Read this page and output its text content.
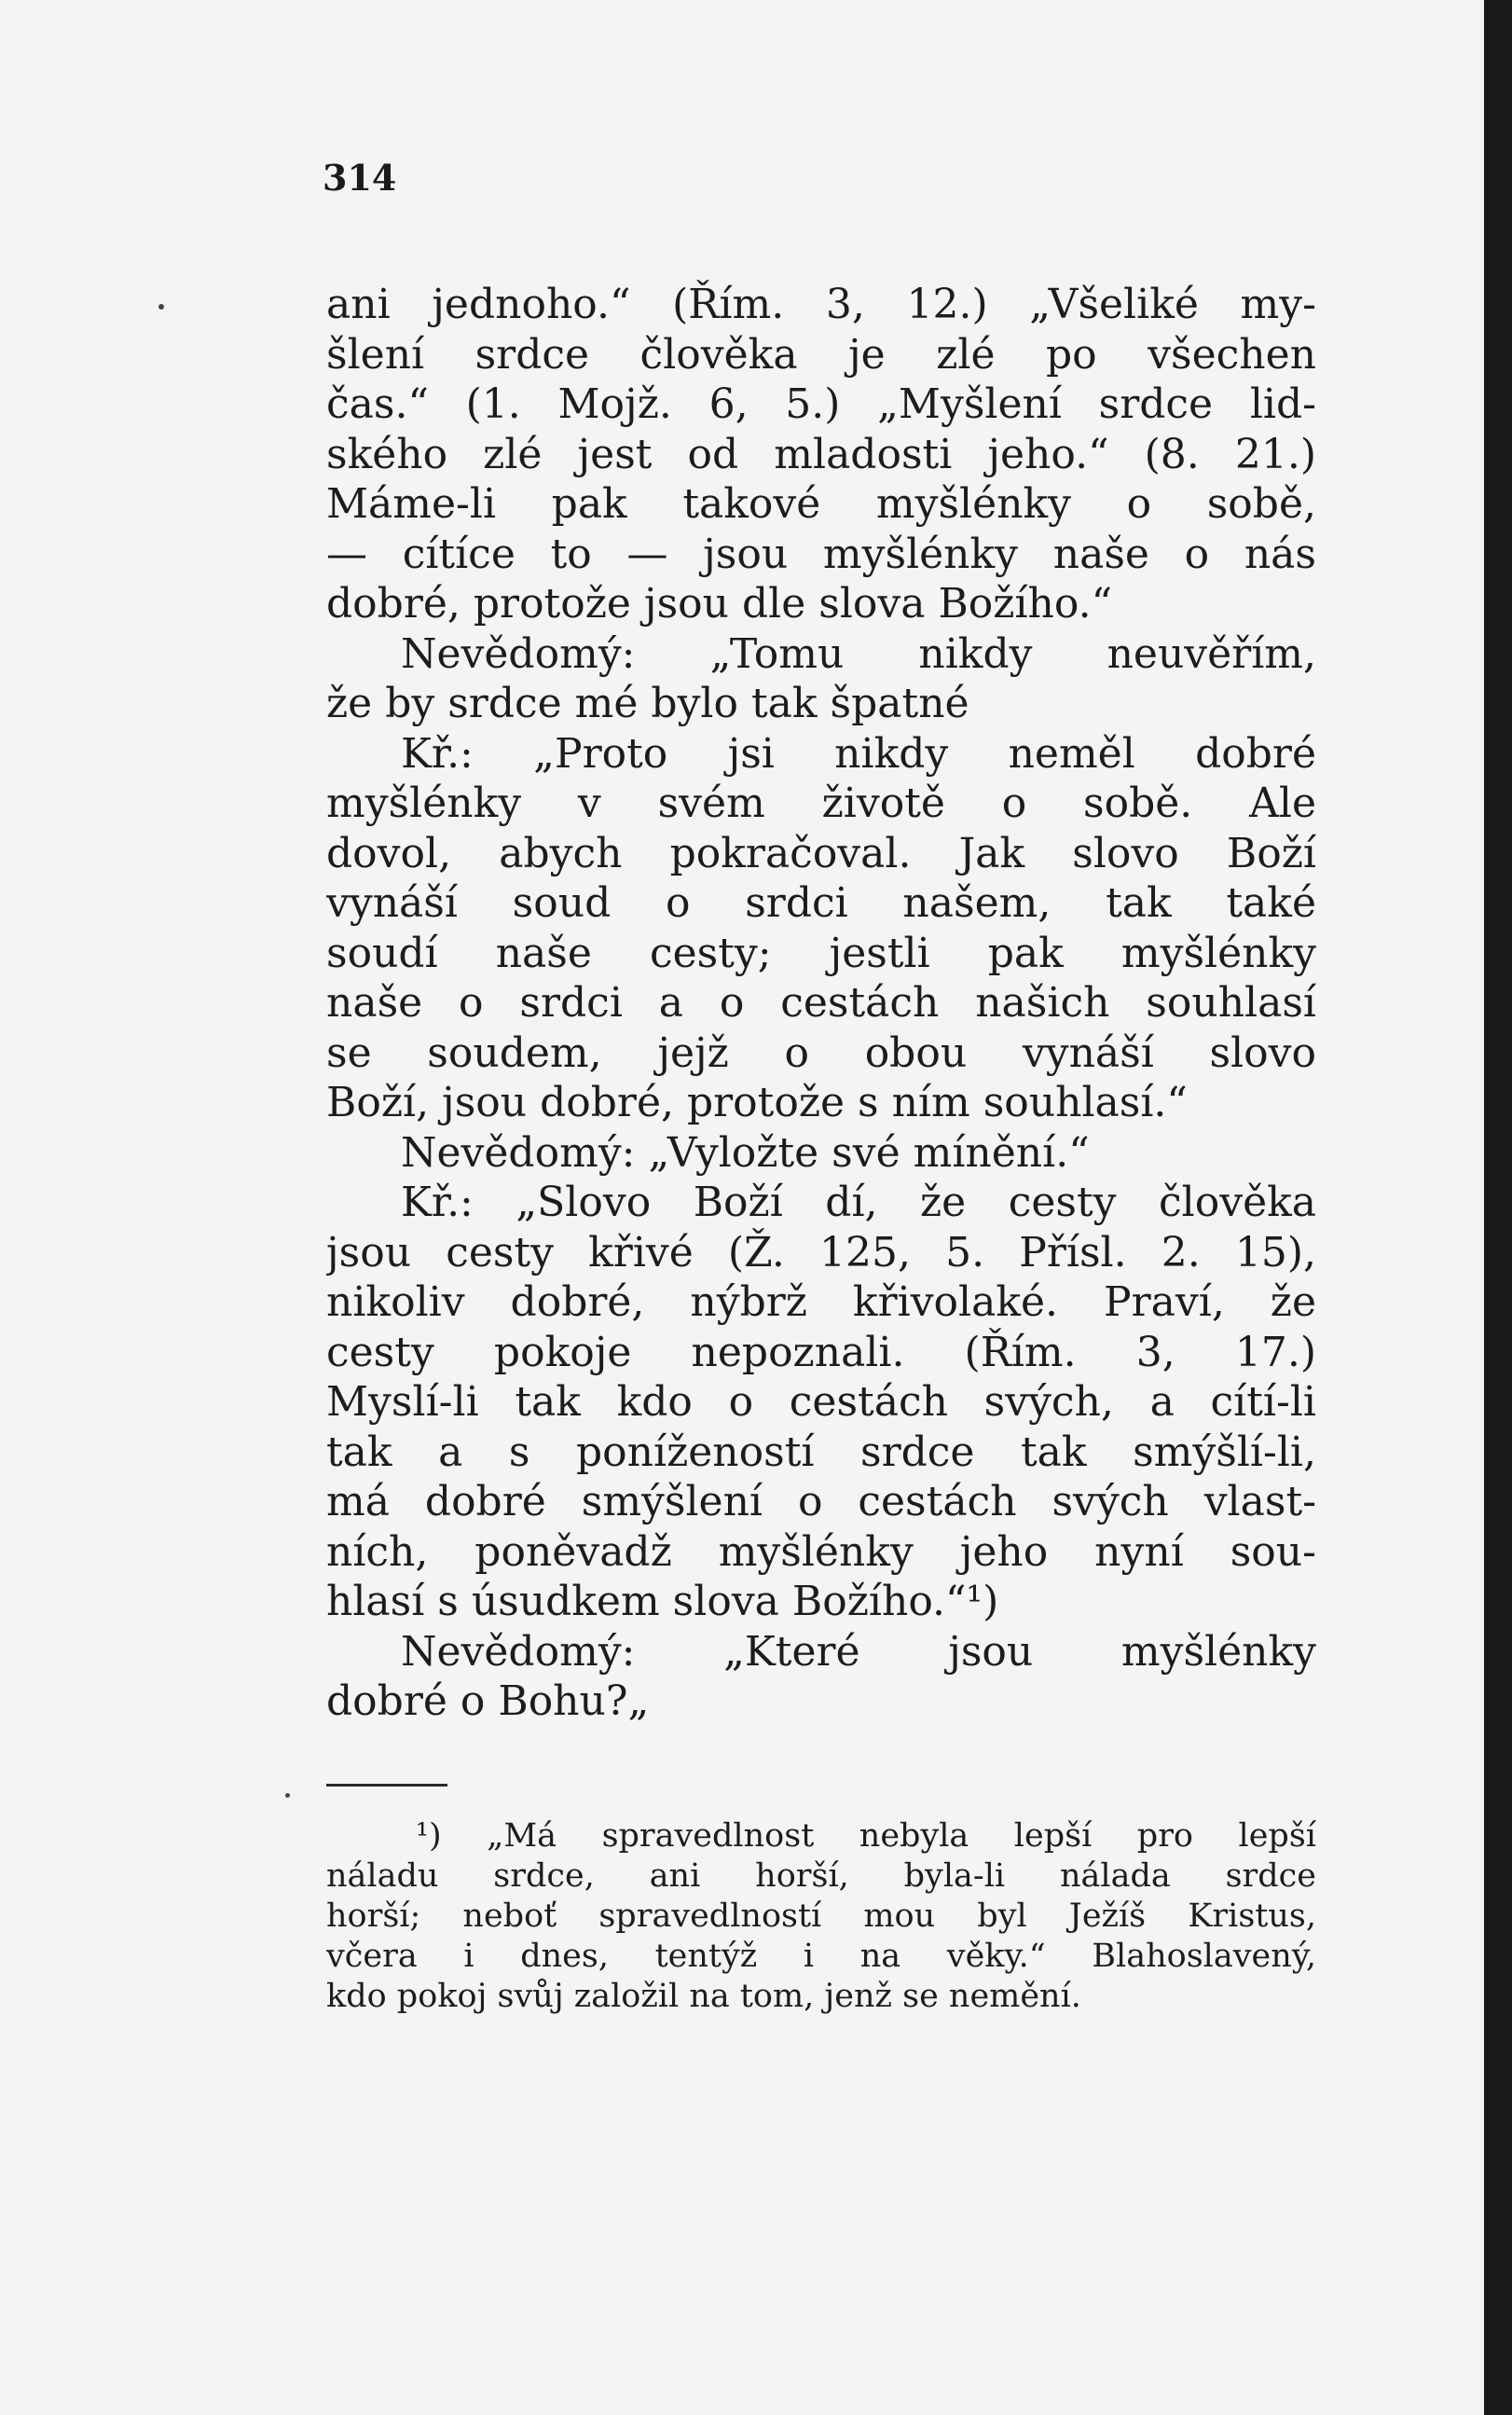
314
ani jednoho.“ (Řím. 3, 12.) „Všeliké my-
šlení srdce člověka je zlé po všechen
čas.“ (1. Mojž. 6, 5.) „Myšlení srdce lid-
ského zlé jest od mladosti jeho.“ (8. 21.)
Máme-li pak takové myšlénky o sobě,
— cítíce to — jsou myšlénky naše o nás
dobré, protože jsou dle slova Božího.“
Nevědomý: „Tomu nikdy neuvěřím,
že by srdce mé bylo tak špatné
Kř.: „Proto jsi nikdy neměl dobré
myšlénky v svém životě o sobě. Ale
dovol, abych pokračoval. Jak slovo Boží
vynáší soud o srdci našem, tak také
soudí naše cesty; jestli pak myšlénky
naše o srdci a o cestách našich souhlasí
se soudem, jejž o obou vynáší slovo
Boží, jsou dobré, protože s ním souhlasí.“
Nevědomý: „Vyložte své mínění.“
Kř.: „Slovo Boží dí, že cesty člověka
jsou cesty křivé (Ž. 125, 5. Přísl. 2. 15),
nikoliv dobré, nýbrž křivolaké. Praví, že
cesty pokoje nepoznali. (Řím. 3, 17.)
Myslí-li tak kdo o cestách svých, a cítí-li
tak a s ponížeností srdce tak smýšlí-li,
má dobré smýšlení o cestách svých vlast-
ních, poněvadž myšlénky jeho nyní sou-
hlasí s úsudkem slova Božího.“¹)
Nevědomý: „Které jsou myšlénky
dobré o Bohu?„
¹) „Má spravedlnost nebyla lepší pro lepší
náladu srdce, ani horší, byla-li nálada srdce
horší; neboť spravedlností mou byl Ježíš Kristus,
včera i dnes, tentýž i na věky.“ Blahoslavený,
kdo pokoj svůj založil na tom, jenž se nemění.
